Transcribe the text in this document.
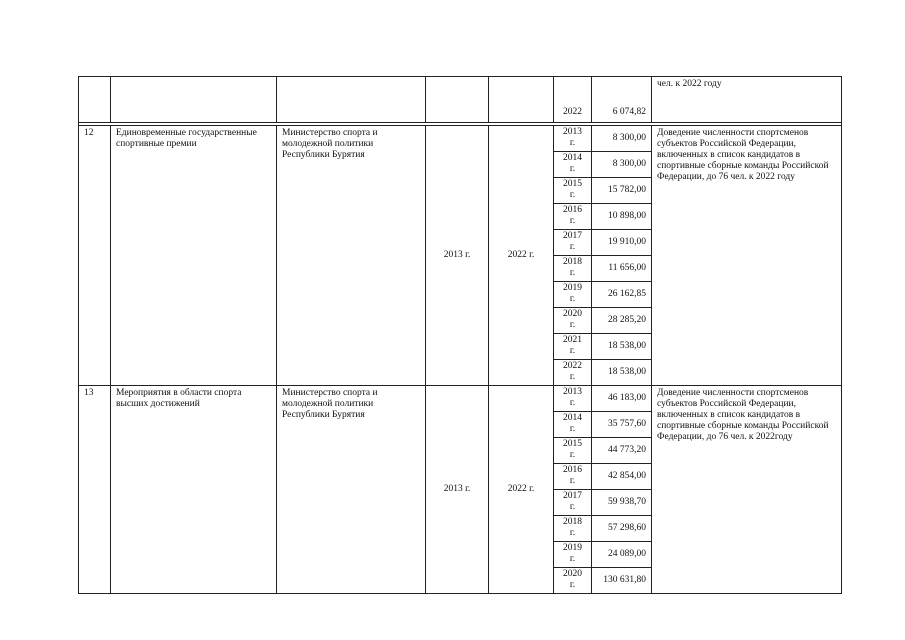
					2022	6 074,82	чел. к 2022 году

12	Единовременные государственные спортивные премии	Министерство спорта и молодежной политики Республики Бурятия	2013 г.	2022 г.	2013
г.	8 300,00	Доведение численности спортсменов субъектов Российской Федерации, включенных в список кандидатов в спортивные сборные команды Российской Федерации, до 76 чел. к 2022 году
					2014
г.	8 300,00	
					2015
г.	15 782,00	
					2016
г.	10 898,00	
					2017
г.	19 910,00	
					2018
г.	11 656,00	
					2019
г.	26 162,85	
					2020
г.	28 285,20	
					2021
г.	18 538,00	
					2022
г.	18 538,00	
13	Мероприятия в области спорта высших достижений	Министерство спорта и молодежной политики Республики Бурятия	2013 г.	2022 г.	2013
г.	46 183,00	Доведение численности спортсменов субъектов Российской Федерации, включенных в список кандидатов в спортивные сборные команды Российской Федерации, до 76 чел. к 2022году
					2014
г.	35 757,60	
					2015
г.	44 773,20	
					2016
г.	42 854,00	
					2017
г.	59 938,70	
					2018
г.	57 298,60	
					2019
г.	24 089,00	
					2020
г.	130 631,80	
